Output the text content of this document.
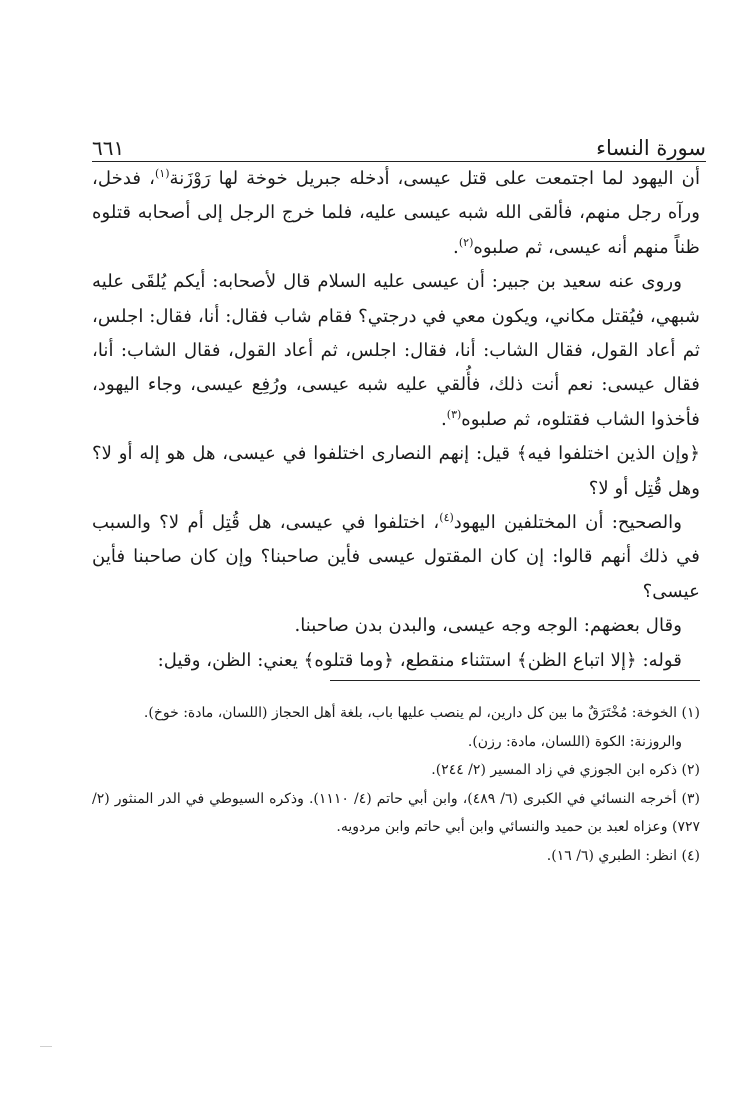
سورة النساء
٦٦١

أن اليهود لما اجتمعت على قتل عيسى، أدخله جبريل خوخة لها رَوْزَنة$^{(١)}$، فدخل، ورآه رجل منهم، فألقى الله شبه عيسى عليه، فلما خرج الرجل إلى أصحابه قتلوه ظناً منهم أنه عيسى، ثم صلبوه$^{(٢)}$.

وروى عنه سعيد بن جبير: أن عيسى عليه السلام قال لأصحابه: أيكم يُلقَى عليه شبهي، فيُقتل مكاني، ويكون معي في درجتي؟ فقام شاب فقال: أنا، فقال: اجلس، ثم أعاد القول، فقال الشاب: أنا، فقال: اجلس، ثم أعاد القول، فقال الشاب: أنا، فقال عيسى: نعم أنت ذلك، فأُلقي عليه شبه عيسى، ورُفِع عيسى، وجاء اليهود، فأخذوا الشاب فقتلوه، ثم صلبوه$^{(٣)}$.

﴿وإن الذين اختلفوا فيه﴾ قيل: إنهم النصارى اختلفوا في عيسى، هل هو إله أو لا؟ وهل قُتِل أو لا؟

والصحيح: أن المختلفين اليهود$^{(٤)}$، اختلفوا في عيسى، هل قُتِل أم لا؟ والسبب في ذلك أنهم قالوا: إن كان المقتول عيسى فأين صاحبنا؟ وإن كان صاحبنا فأين عيسى؟

وقال بعضهم: الوجه وجه عيسى، والبدن بدن صاحبنا.

قوله: ﴿إلا اتباع الظن﴾ استثناء منقطع، ﴿وما قتلوه﴾ يعني: الظن، وقيل:

(١) الخوخة: مُخْتَرَقٌ ما بين كل دارين، لم ينصب عليها باب، بلغة أهل الحجاز (اللسان، مادة: خوخ).

والروزنة: الكوة (اللسان، مادة: رزن).

(٢) ذكره ابن الجوزي في زاد المسير (٢/ ٢٤٤).

(٣) أخرجه النسائي في الكبرى (٦/ ٤٨٩)، وابن أبي حاتم (٤/ ١١١٠). وذكره السيوطي في الدر المنثور (٢/ ٧٢٧) وعزاه لعبد بن حميد والنسائي وابن أبي حاتم وابن مردويه.

(٤) انظر: الطبري (٦/ ١٦).
